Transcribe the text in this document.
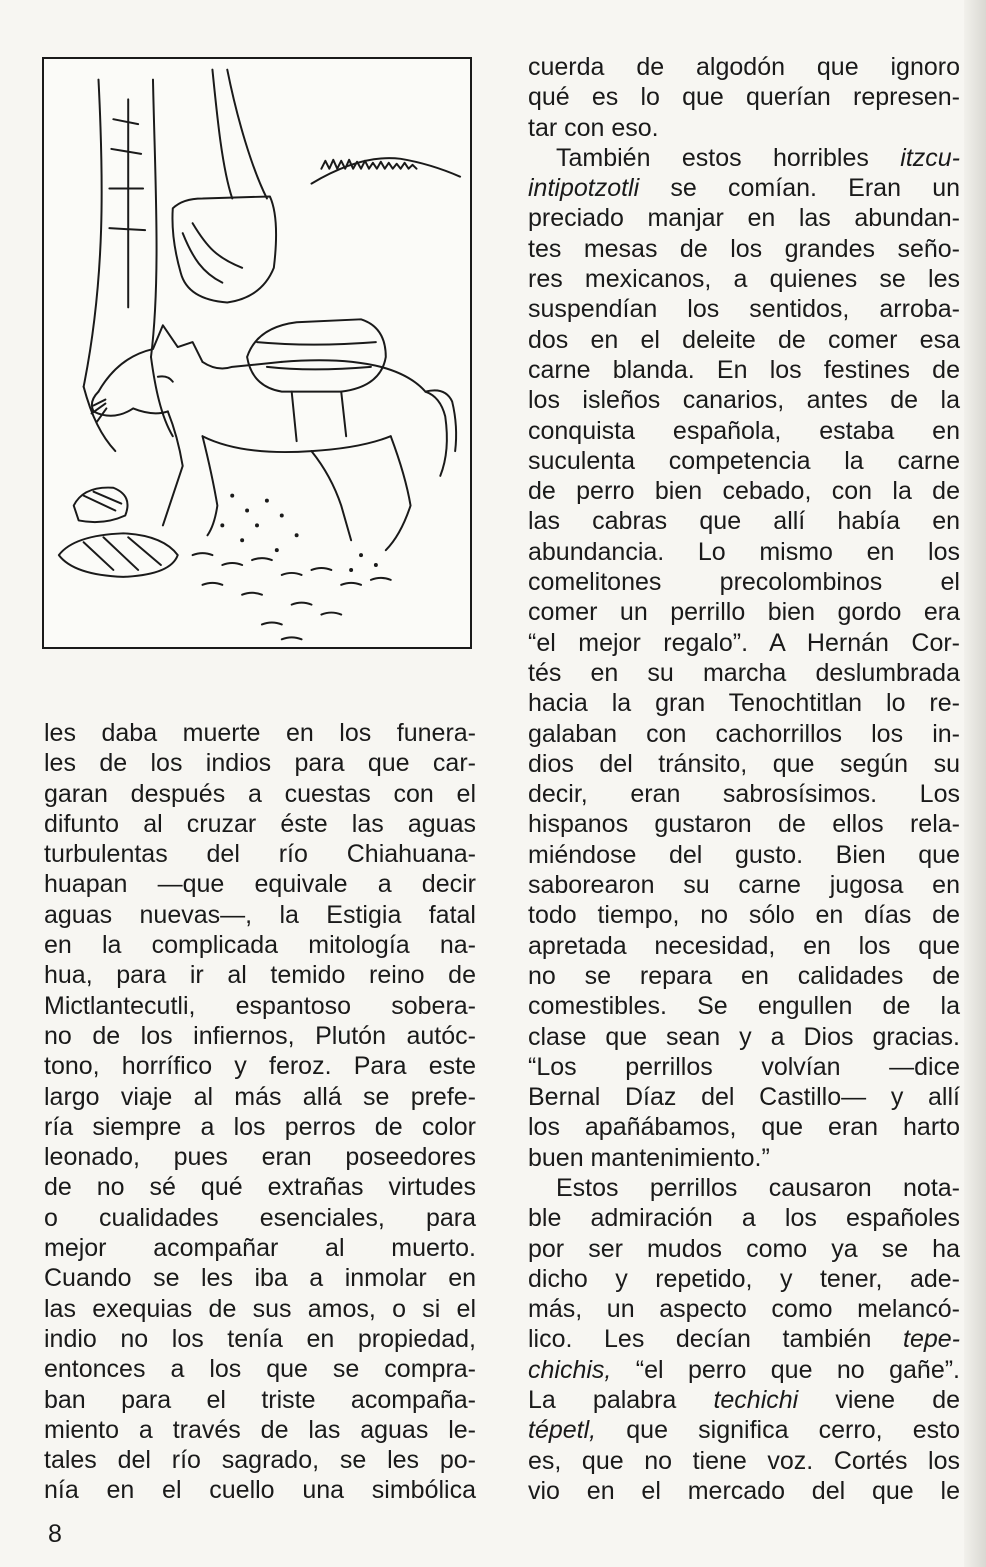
les daba muerte en los funera-
les de los indios para que car-
garan después a cuestas con el
difunto al cruzar éste las aguas
turbulentas del río Chiahuana-
huapan —que equivale a decir
aguas nuevas—, la Estigia fatal
en la complicada mitología na-
hua, para ir al temido reino de
Mictlantecutli, espantoso sobera-
no de los infiernos, Plutón autóc-
tono, horrífico y feroz. Para este
largo viaje al más allá se prefe-
ría siempre a los perros de color
leonado, pues eran poseedores
de no sé qué extrañas virtudes
o cualidades esenciales, para
mejor acompañar al muerto.
Cuando se les iba a inmolar en
las exequias de sus amos, o si el
indio no los tenía en propiedad,
entonces a los que se compra-
ban para el triste acompaña-
miento a través de las aguas le-
tales del río sagrado, se les po-
nía en el cuello una simbólica
cuerda de algodón que ignoro
qué es lo que querían represen-
tar con eso.
También estos horribles itzcu-
intipotzotli se comían. Eran un
preciado manjar en las abundan-
tes mesas de los grandes seño-
res mexicanos, a quienes se les
suspendían los sentidos, arroba-
dos en el deleite de comer esa
carne blanda. En los festines de
los isleños canarios, antes de la
conquista española, estaba en
suculenta competencia la carne
de perro bien cebado, con la de
las cabras que allí había en
abundancia. Lo mismo en los
comelitones precolombinos el
comer un perrillo bien gordo era
“el mejor regalo”. A Hernán Cor-
tés en su marcha deslumbrada
hacia la gran Tenochtitlan lo re-
galaban con cachorrillos los in-
dios del tránsito, que según su
decir, eran sabrosísimos. Los
hispanos gustaron de ellos rela-
miéndose del gusto. Bien que
saborearon su carne jugosa en
todo tiempo, no sólo en días de
apretada necesidad, en los que
no se repara en calidades de
comestibles. Se engullen de la
clase que sean y a Dios gracias.
“Los perrillos volvían —dice
Bernal Díaz del Castillo— y allí
los apañábamos, que eran harto
buen mantenimiento.”
Estos perrillos causaron nota-
ble admiración a los españoles
por ser mudos como ya se ha
dicho y repetido, y tener, ade-
más, un aspecto como melancó-
lico. Les decían también tepe-
chichis, “el perro que no gañe”.
La palabra techichi viene de
tépetl, que significa cerro, esto
es, que no tiene voz. Cortés los
vio en el mercado del que le
8
